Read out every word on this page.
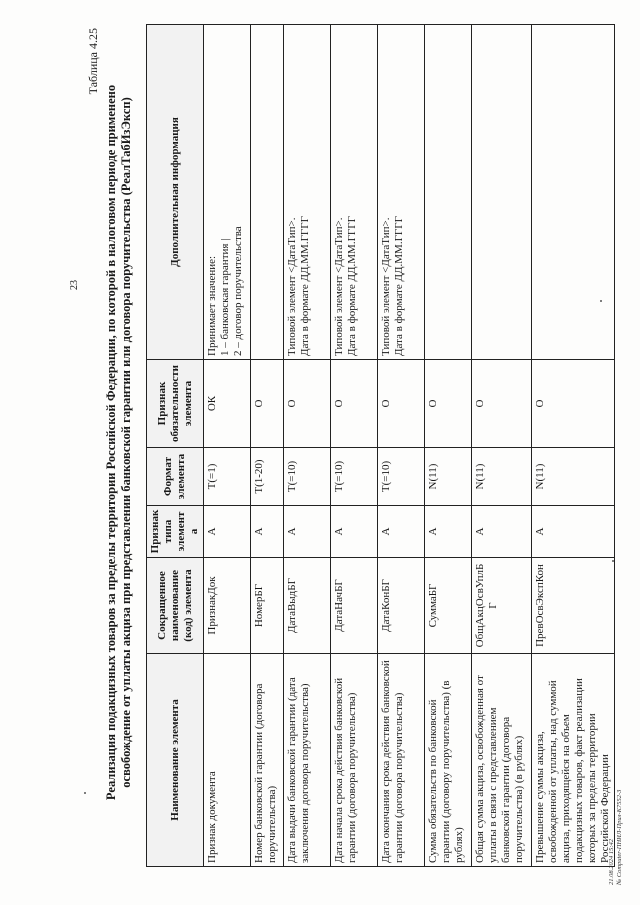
23
Таблица 4.25
Реализация подакцизных товаров за пределы территории Российской Федерации, по которой в налоговом периоде применено освобождение от уплаты акциза при представлении банковской гарантии или договора поручительства (РеалТабИзЭксп)	Наименование элемента	Сокращенное наименование (код) элемента	Признак типа элемента	Формат элемента	Признак обязательности элемента	Дополнительная информация
Признак документа	ПризнакДок	А	T(=1)	ОК	Принимает значение: 1 – банковская гарантия | 2 – договор поручительства

Номер банковской гарантии (договора поручительства)	НомерБГ	А	T(1-20)	О	
Дата выдачи банковской гарантии (дата заключения договора поручительства)	ДатаВыдБГ	А	T(=10)	О	Типовой элемент <ДатаТип>. Дата в формате ДД.ММ.ГГГГ

Дата начала срока действия банковской гарантии (договора поручительства)	ДатаНачБГ	А	T(=10)	О	Типовой элемент <ДатаТип>. Дата в формате ДД.ММ.ГГГГ

Дата окончания срока действия банковской гарантии (договора поручительства)	ДатаКонБГ	А	T(=10)	О	Типовой элемент <ДатаТип>. Дата в формате ДД.ММ.ГГГГ

Сумма обязательств по банковской гарантии (договору поручительства) (в рублях)	СуммаБГ	А	N(11)	О	
Общая сумма акциза, освобожденная от уплаты в связи с представлением банковской гарантии (договора поручительства) (в рублях)	ОбщАкцОсвУплБГ	А	N(11)	О	
Превышение суммы акциза, освобожденной от уплаты, над суммой акциза, приходящейся на объем подакцизных товаров, факт реализации которых за пределы территории Российской Федерации	ПревОсвЭкспКон	А	N(11)	О	
21.08.2024 15:42 № Computer-ПНИЛ-Прил-К7552-3
